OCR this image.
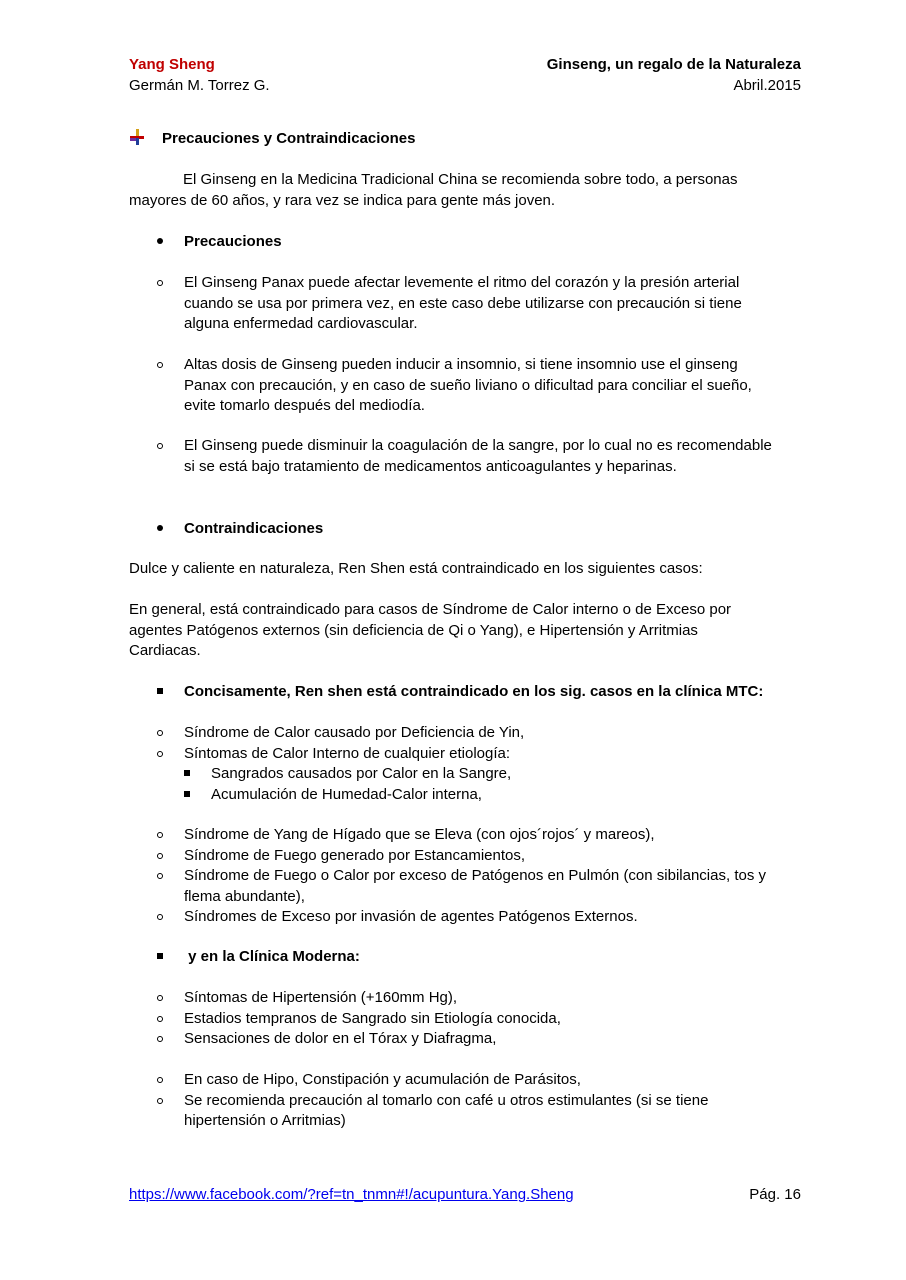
Yang Sheng
Germán M. Torrez G.
Ginseng, un regalo de la Naturaleza
Abril.2015
Precauciones y Contraindicaciones
El Ginseng en la Medicina Tradicional China se recomienda sobre todo, a personas mayores de 60 años, y rara vez se indica para gente más joven.
Precauciones
El Ginseng Panax puede afectar levemente el ritmo del corazón y la presión arterial cuando se usa por primera vez, en este caso debe utilizarse con precaución si tiene alguna enfermedad cardiovascular.
Altas dosis de Ginseng pueden inducir a insomnio, si tiene insomnio use el ginseng Panax con precaución, y en caso de sueño liviano o dificultad para conciliar el sueño, evite tomarlo después del mediodía.
El Ginseng puede disminuir la coagulación de la sangre, por lo cual no es recomendable si se está bajo tratamiento de medicamentos anticoagulantes y heparinas.
Contraindicaciones
Dulce y caliente en naturaleza, Ren Shen está contraindicado en los siguientes casos:
En general, está contraindicado para casos de Síndrome de Calor interno o de Exceso por agentes Patógenos externos (sin deficiencia de Qi o Yang), e Hipertensión y Arritmias Cardiacas.
Concisamente, Ren shen está contraindicado en los sig. casos en la clínica MTC:
Síndrome de Calor causado por Deficiencia de Yin,
Síntomas de Calor Interno de cualquier etiología:
Sangrados causados por Calor en la Sangre,
Acumulación de Humedad-Calor interna,
Síndrome de Yang de Hígado que se Eleva (con ojos´rojos´ y mareos),
Síndrome de Fuego generado por Estancamientos,
Síndrome de Fuego o Calor por exceso de Patógenos en Pulmón (con sibilancias, tos y flema abundante),
Síndromes de Exceso por invasión de agentes Patógenos Externos.
y en la Clínica Moderna:
Síntomas de Hipertensión (+160mm Hg),
Estadios tempranos de Sangrado sin Etiología conocida,
Sensaciones de dolor en el Tórax y Diafragma,
En caso de Hipo, Constipación y acumulación de Parásitos,
Se recomienda precaución al tomarlo con café u otros estimulantes (si se tiene hipertensión o Arritmias)
https://www.facebook.com/?ref=tn_tnmn#!/acupuntura.Yang.Sheng	Pág. 16
